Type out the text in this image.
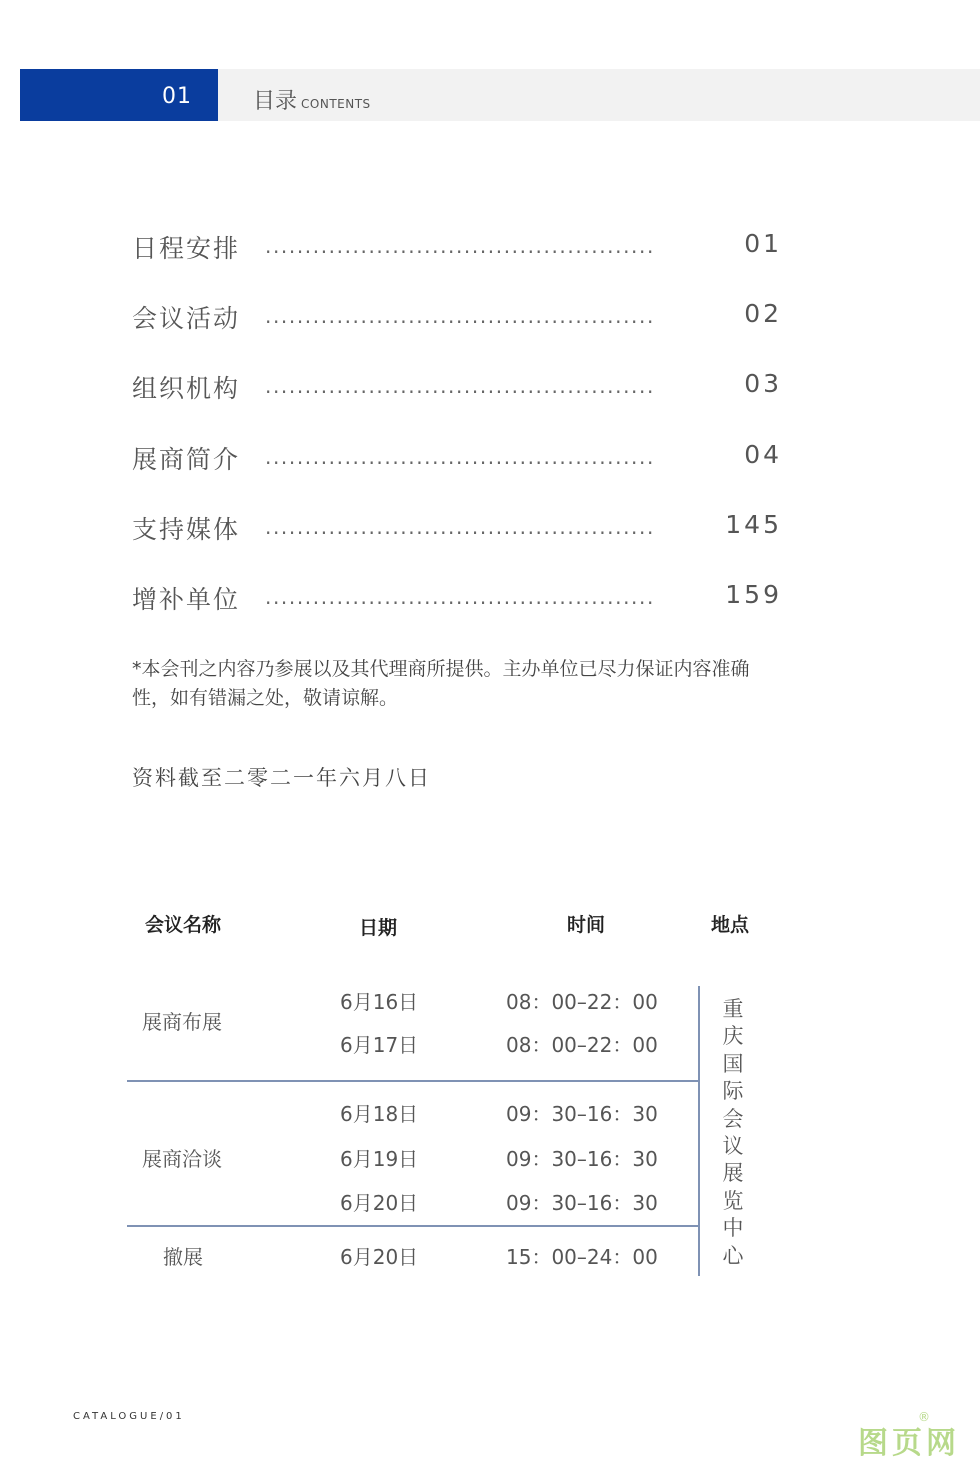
01	目录 CONTENTS
日程安排 .................................................	01
会议活动 .................................................	02
组织机构 .................................................	03
展商简介 .................................................	04
支持媒体 .................................................	145
增补单位 .................................................	159
*本会刊之内容乃参展以及其代理商所提供。主办单位已尽力保证内容准确性，如有错漏之处，敬请谅解。
资料截至二零二一年六月八日
会议名称	日期	时间	地点
展商布展
6月16日	08：00–22：00
6月17日	08：00–22：00
展商洽谈
6月18日	09：30–16：30
6月19日	09：30–16：30
6月20日	09：30–16：30
撤展	6月20日	15：00–24：00
重庆国际会议展览中心
CATALOGUE/01
图页网
®
